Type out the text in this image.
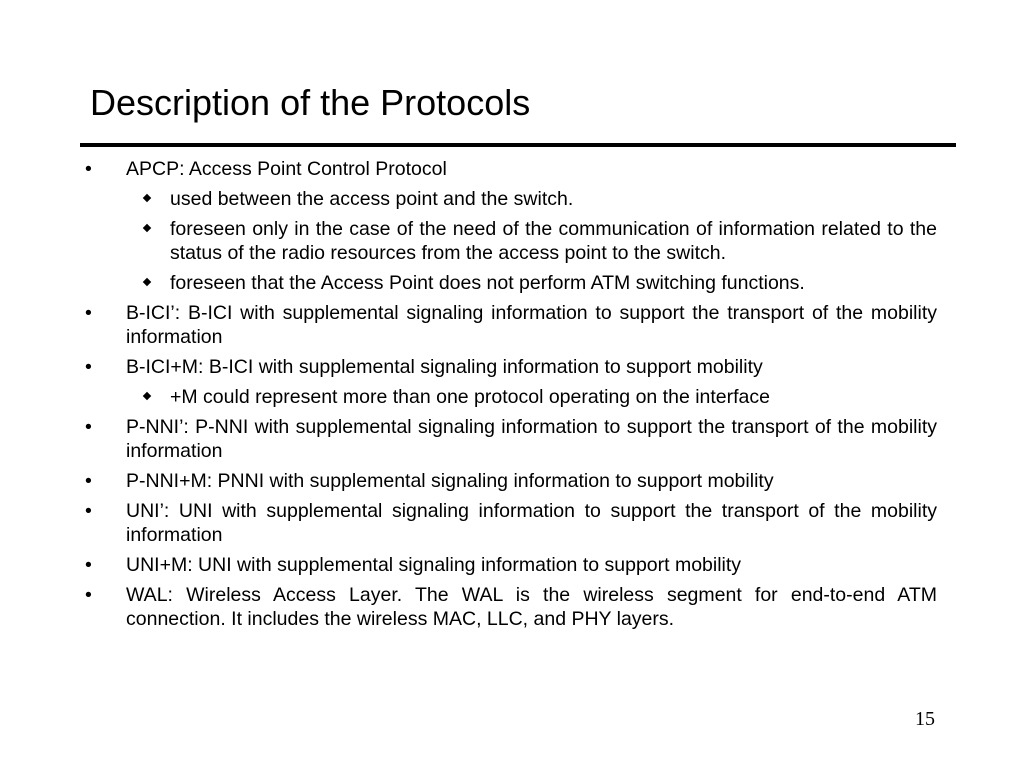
Description of the Protocols
• APCP: Access Point Control Protocol
used between the access point and the switch.
foreseen only in the case of the need of the communication of information related to the status of the radio resources from the access point to the switch.
foreseen that the Access Point does not perform ATM switching functions.
• B-ICI’: B-ICI with supplemental signaling information to support the transport of the mobility information
• B-ICI+M: B-ICI with supplemental signaling information to support mobility
+M could represent more than one protocol operating on the interface
• P-NNI’: P-NNI with supplemental signaling information to support the transport of the mobility information
• P-NNI+M: PNNI with supplemental signaling information to support mobility
• UNI’: UNI with supplemental signaling information to support the transport of the mobility information
• UNI+M: UNI with supplemental signaling information to support mobility
• WAL: Wireless Access Layer. The WAL is the wireless segment for end-to-end ATM connection. It includes the wireless MAC, LLC, and PHY layers.
15
